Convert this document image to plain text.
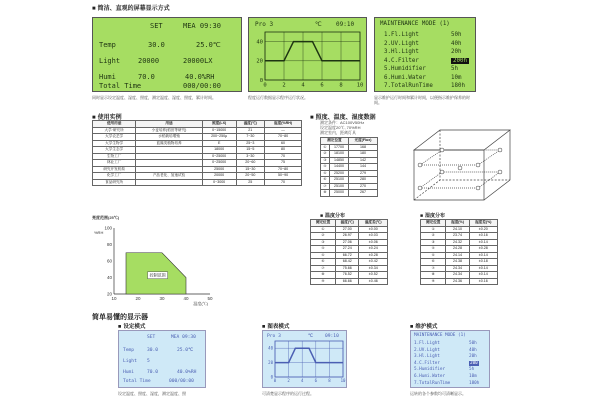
■ 简洁、直观的屏幕显示方式
SET	MEA 09:30
Temp	30.0	25.0℃
Light	20000	20000LX
Humi	70.0	40.0%RH
Total Time	000/00:00
Pro 3	℃ 09:10
0	2	4	6	8	10
40
20
0
MAINTENANCE MODE (1)
1.Fl.Light	50h
2.UV.Light	40h
3.Hl.Light	20h
4.C.Filter	200h
5.Humidifier	5h
6.Humi.Water	10m
7.TotalRunTime	180h
同时显示设定温度、湿度、照度，测定温度、湿度、照度，累计时间。	程度运行数据显示程序运行状况。	显示维护运行时间和累计时间，以便指示维护保养的时间。
■ 使用实例
使用用途	用途	照度(LX)	温度(℃)	湿度(%RH)
大学·研究所	小麦培养(稻田等研究)	0~15000	21	—
大学农艺学	水稻栽培增殖	200~250μ	7~30	70~80
大学生物学	蓝藻类植物培养	E	25~3	60
大学生态学		18000	15~5	80
生物工厂		0~25000	3~30	70
林业工厂		0~25000	20~60	75
研究开发机构		25000	15~30	70~80
化学工厂	产品老化、加速试验	20000	20~50	50~90
食品研究所		0~3000	25	70
■ 照度、温度、湿度数据
测定条件：AC100V50Hz
设定温度20℃, 70%RH
测定室内，距离灯具
测定位置		光度(Flux)
①	17700	168
②	18100	180
③	14850	142
④	14400	144
⑤	25200	279
⑥	25100	280
⑦	25100	270
⑧	25000	267
■ 温度分布
测定位置	温度(℃)	温度差(℃)
①	27.00	±0.00
②	26.97	±0.03
③	27.06	±0.06
④	27.24	±0.24
⑤	66.72	±0.28
⑥	68.42	±0.42
⑦	75.66	±0.34
⑧	76.52	±0.52
⑨	66.66	±0.46
■ 湿度分布
测定位置	湿度(%)	湿度差(%)
①	24.10	±0.20
②	23.74	±0.16
③	24.32	±0.14
④	24.28	±0.28
⑤	24.14	±0.14
⑥	24.38	±0.18
⑦	24.34	±0.14
⑧	24.34	±0.14
⑨	24.36	±0.16
亮度范围(25℃)
100
80
60
40
20
10	20	30	40	50
%RH
温度(℃)
控制范围
简单易懂的显示器
■ 设定模式
SET	MEA 09:30
Temp	30.0	25.0℃
Light 5
Humi	70.0	40.0%RH
Total Time	000/00:00
设定温度、照度、湿度，测定温度、照
■ 图表模式
Pro 3	℃	09:10
0	2	4	6	8 10
40
20
0
可清楚显示程序的运行过程。
■ 维护模式
MAINTENANCE MODE (1)
1.Fl.Light	50h
2.UV.Light	40h
3.Hl.Light	20h
4.C.Filter	200
5.Humidifier	5h
6.Humi.Water	10m
7.TotalRunTime	180h
运转的各个参数均可清晰显示。
